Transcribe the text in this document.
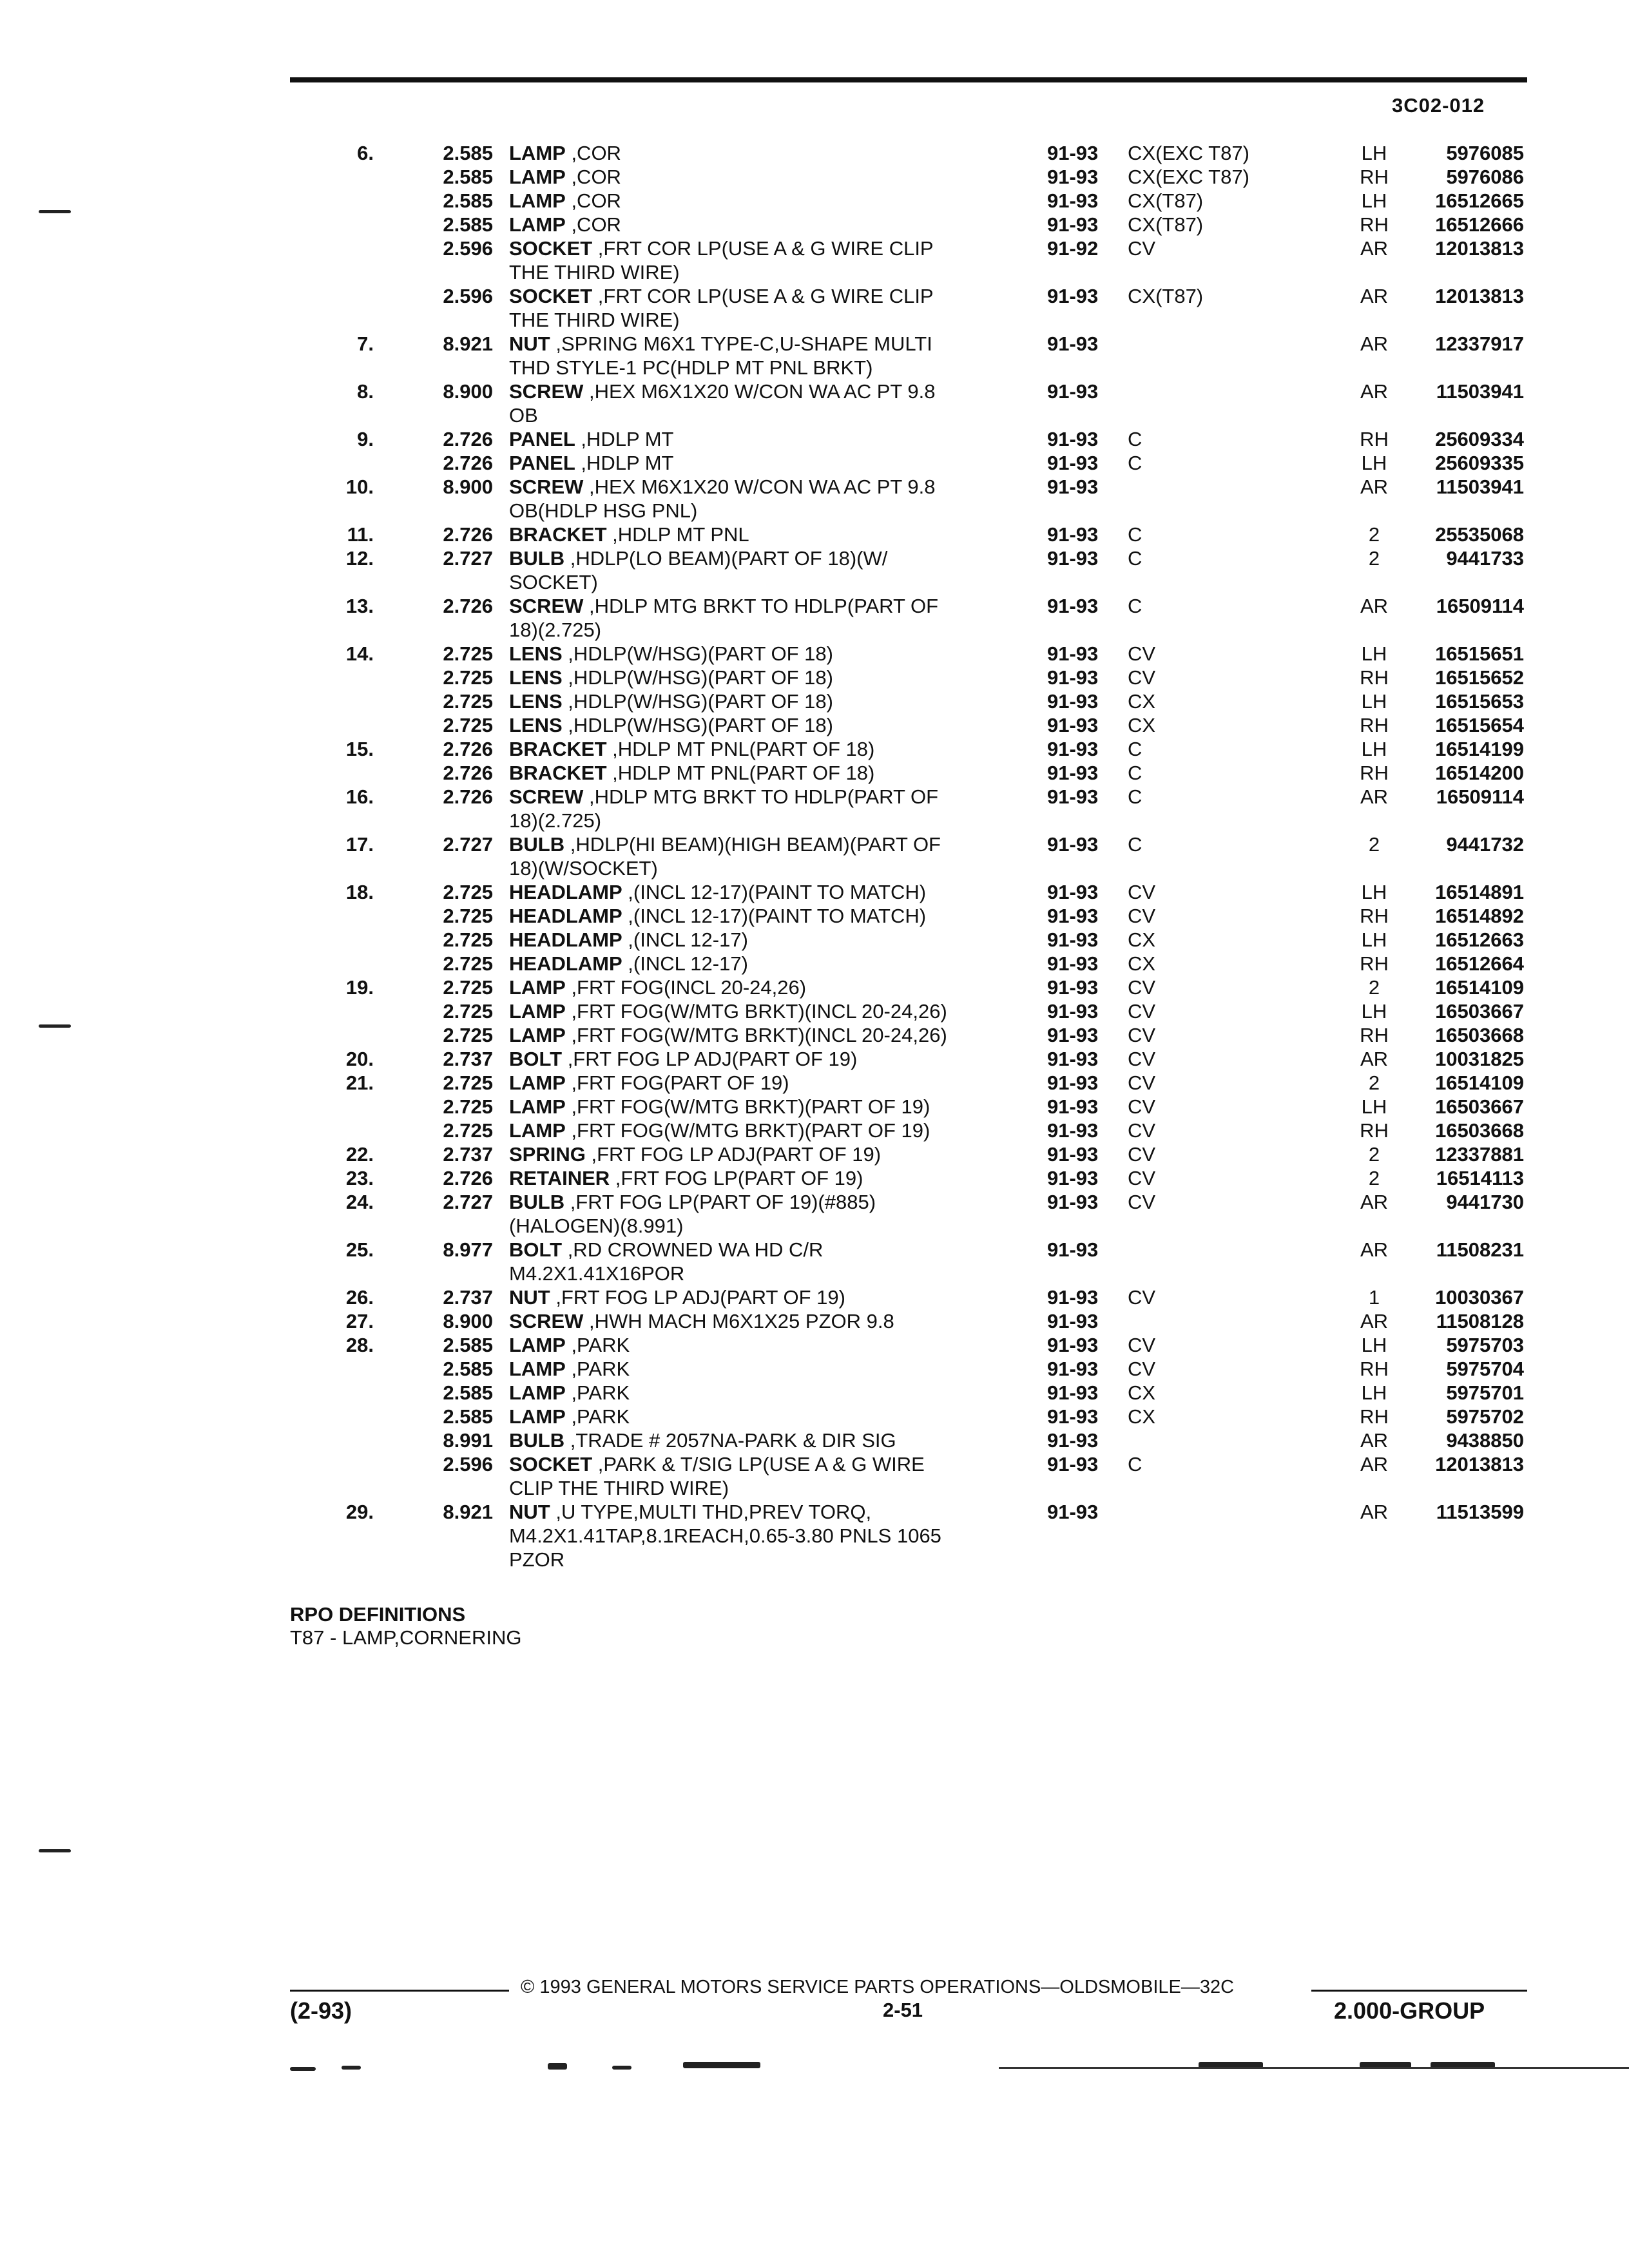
3C02-012
6.	2.585 LAMP ,COR	91-93 CX(EXC T87)	LH	5976085
2.585 LAMP ,COR	91-93 CX(EXC T87)	RH	5976086
2.585 LAMP ,COR	91-93 CX(T87)	LH	16512665
2.585 LAMP ,COR	91-93 CX(T87)	RH	16512666
2.596 SOCKET ,FRT COR LP(USE A & G WIRE CLIP	91-92 CV	AR	12013813
THE THIRD WIRE)
2.596 SOCKET ,FRT COR LP(USE A & G WIRE CLIP	91-93 CX(T87)	AR	12013813
THE THIRD WIRE)
7.	8.921 NUT ,SPRING M6X1 TYPE-C,U-SHAPE MULTI	91-93	AR	12337917
THD STYLE-1 PC(HDLP MT PNL BRKT)
8.	8.900 SCREW ,HEX M6X1X20 W/CON WA AC PT 9.8	91-93	AR	11503941
OB
9.	2.726 PANEL ,HDLP MT	91-93 C	RH	25609334
2.726 PANEL ,HDLP MT	91-93 C	LH	25609335
10.	8.900 SCREW ,HEX M6X1X20 W/CON WA AC PT 9.8	91-93	AR	11503941
OB(HDLP HSG PNL)
11.	2.726 BRACKET ,HDLP MT PNL	91-93 C	2	25535068
12.	2.727 BULB ,HDLP(LO BEAM)(PART OF 18)(W/	91-93 C	2	9441733
SOCKET)
13.	2.726 SCREW ,HDLP MTG BRKT TO HDLP(PART OF	91-93 C	AR	16509114
18)(2.725)
14.	2.725 LENS ,HDLP(W/HSG)(PART OF 18)	91-93 CV	LH	16515651
2.725 LENS ,HDLP(W/HSG)(PART OF 18)	91-93 CV	RH	16515652
2.725 LENS ,HDLP(W/HSG)(PART OF 18)	91-93 CX	LH	16515653
2.725 LENS ,HDLP(W/HSG)(PART OF 18)	91-93 CX	RH	16515654
15.	2.726 BRACKET ,HDLP MT PNL(PART OF 18)	91-93 C	LH	16514199
2.726 BRACKET ,HDLP MT PNL(PART OF 18)	91-93 C	RH	16514200
16.	2.726 SCREW ,HDLP MTG BRKT TO HDLP(PART OF	91-93 C	AR	16509114
18)(2.725)
17.	2.727 BULB ,HDLP(HI BEAM)(HIGH BEAM)(PART OF	91-93 C	2	9441732
18)(W/SOCKET)
18.	2.725 HEADLAMP ,(INCL 12-17)(PAINT TO MATCH)	91-93 CV	LH	16514891
2.725 HEADLAMP ,(INCL 12-17)(PAINT TO MATCH)	91-93 CV	RH	16514892
2.725 HEADLAMP ,(INCL 12-17)	91-93 CX	LH	16512663
2.725 HEADLAMP ,(INCL 12-17)	91-93 CX	RH	16512664
19.	2.725 LAMP ,FRT FOG(INCL 20-24,26)	91-93 CV	2	16514109
2.725 LAMP ,FRT FOG(W/MTG BRKT)(INCL 20-24,26)	91-93 CV	LH	16503667
2.725 LAMP ,FRT FOG(W/MTG BRKT)(INCL 20-24,26)	91-93 CV	RH	16503668
20.	2.737 BOLT ,FRT FOG LP ADJ(PART OF 19)	91-93 CV	AR	10031825
21.	2.725 LAMP ,FRT FOG(PART OF 19)	91-93 CV	2	16514109
2.725 LAMP ,FRT FOG(W/MTG BRKT)(PART OF 19)	91-93 CV	LH	16503667
2.725 LAMP ,FRT FOG(W/MTG BRKT)(PART OF 19)	91-93 CV	RH	16503668
22.	2.737 SPRING ,FRT FOG LP ADJ(PART OF 19)	91-93 CV	2	12337881
23.	2.726 RETAINER ,FRT FOG LP(PART OF 19)	91-93 CV	2	16514113
24.	2.727 BULB ,FRT FOG LP(PART OF 19)(#885)	91-93 CV	AR	9441730
(HALOGEN)(8.991)
25.	8.977 BOLT ,RD CROWNED WA HD C/R	91-93	AR	11508231
M4.2X1.41X16POR
26.	2.737 NUT ,FRT FOG LP ADJ(PART OF 19)	91-93 CV	1	10030367
27.	8.900 SCREW ,HWH MACH M6X1X25 PZOR 9.8	91-93	AR	11508128
28.	2.585 LAMP ,PARK	91-93 CV	LH	5975703
2.585 LAMP ,PARK	91-93 CV	RH	5975704
2.585 LAMP ,PARK	91-93 CX	LH	5975701
2.585 LAMP ,PARK	91-93 CX	RH	5975702
8.991 BULB ,TRADE # 2057NA-PARK & DIR SIG	91-93	AR	9438850
2.596 SOCKET ,PARK & T/SIG LP(USE A & G WIRE	91-93 C	AR	12013813
CLIP THE THIRD WIRE)
29.	8.921 NUT ,U TYPE,MULTI THD,PREV TORQ,	91-93	AR	11513599
M4.2X1.41TAP,8.1REACH,0.65-3.80 PNLS 1065
PZOR
RPO DEFINITIONS
T87 - LAMP,CORNERING
© 1993 GENERAL MOTORS SERVICE PARTS OPERATIONS—OLDSMOBILE—32C
(2-93)	2-51	2.000-GROUP
